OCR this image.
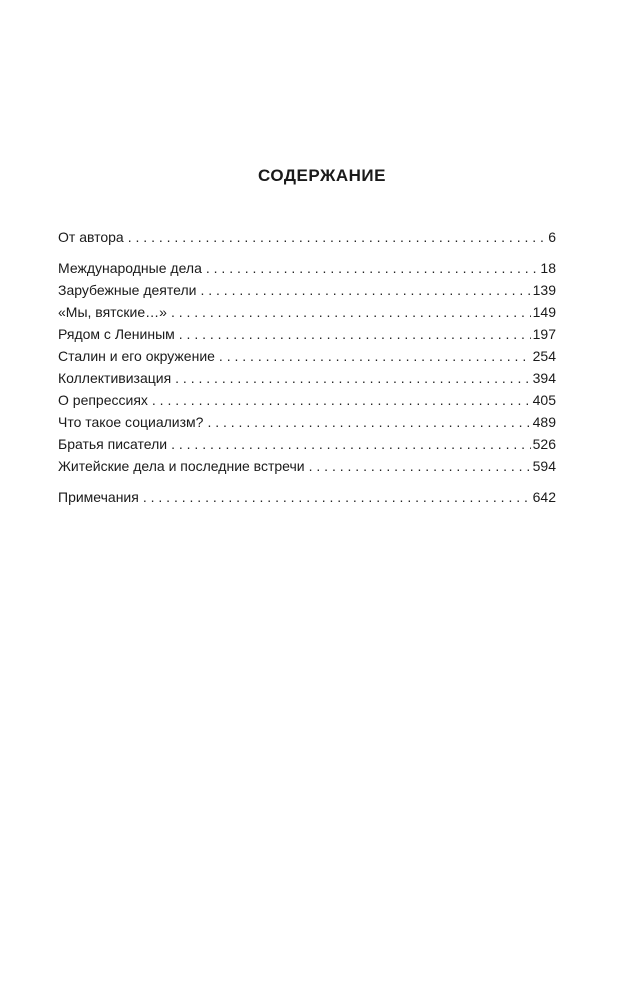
СОДЕРЖАНИЕ
От автора . . .	6
Международные дела . . .	18
Зарубежные деятели . . .	139
«Мы, вятские…» . . .	149
Рядом с Лениным . . .	197
Сталин и его окружение . . .	254
Коллективизация . . .	394
О репрессиях . . .	405
Что такое социализм? . . .	489
Братья писатели . . .	526
Житейские дела и последние встречи . . .	594
Примечания . . .	642
